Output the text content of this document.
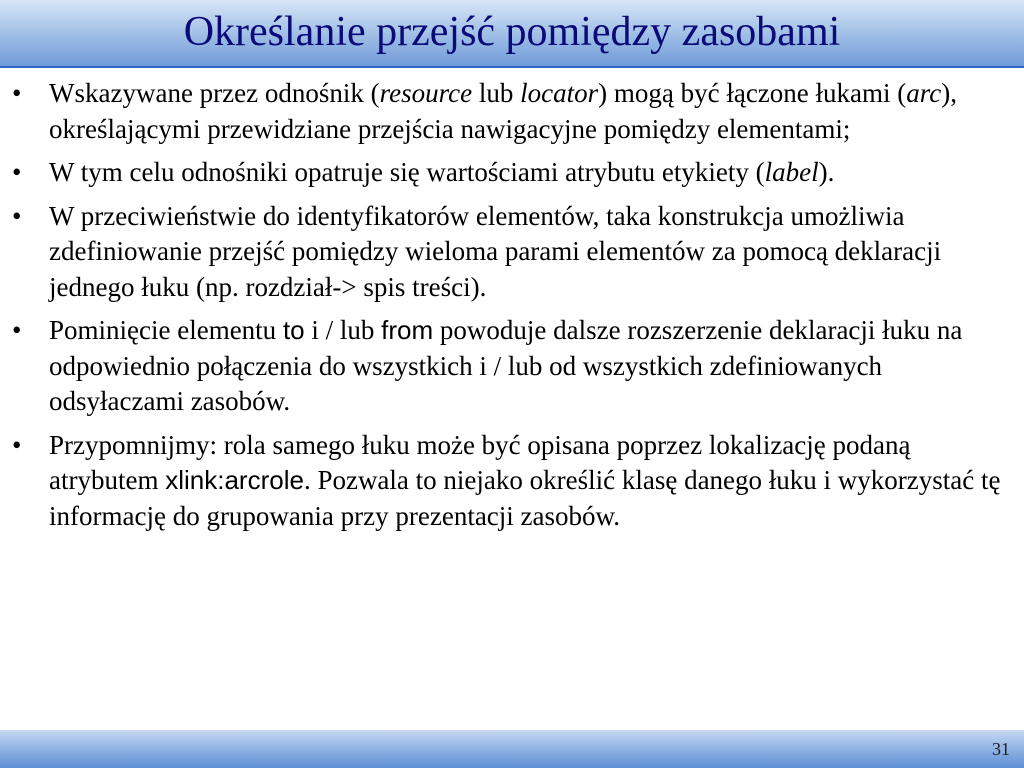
Określanie przejść pomiędzy zasobami
• Wskazywane przez odnośnik (resource lub locator) mogą być łączone łukami (arc), określającymi przewidziane przejścia nawigacyjne pomiędzy elementami;
• W tym celu odnośniki opatruje się wartościami atrybutu etykiety (label).
• W przeciwieństwie do identyfikatorów elementów, taka konstrukcja umożliwia zdefiniowanie przejść pomiędzy wieloma parami elementów za pomocą deklaracji jednego łuku (np. rozdział-> spis treści).
• Pominięcie elementu to i / lub from powoduje dalsze rozszerzenie deklaracji łuku na odpowiednio połączenia do wszystkich i / lub od wszystkich zdefiniowanych odsyłaczami zasobów.
• Przypomnijmy: rola samego łuku może być opisana poprzez lokalizację podaną atrybutem xlink:arcrole. Pozwala to niejako określić klasę danego łuku i wykorzystać tę informację do grupowania przy prezentacji zasobów.
31
